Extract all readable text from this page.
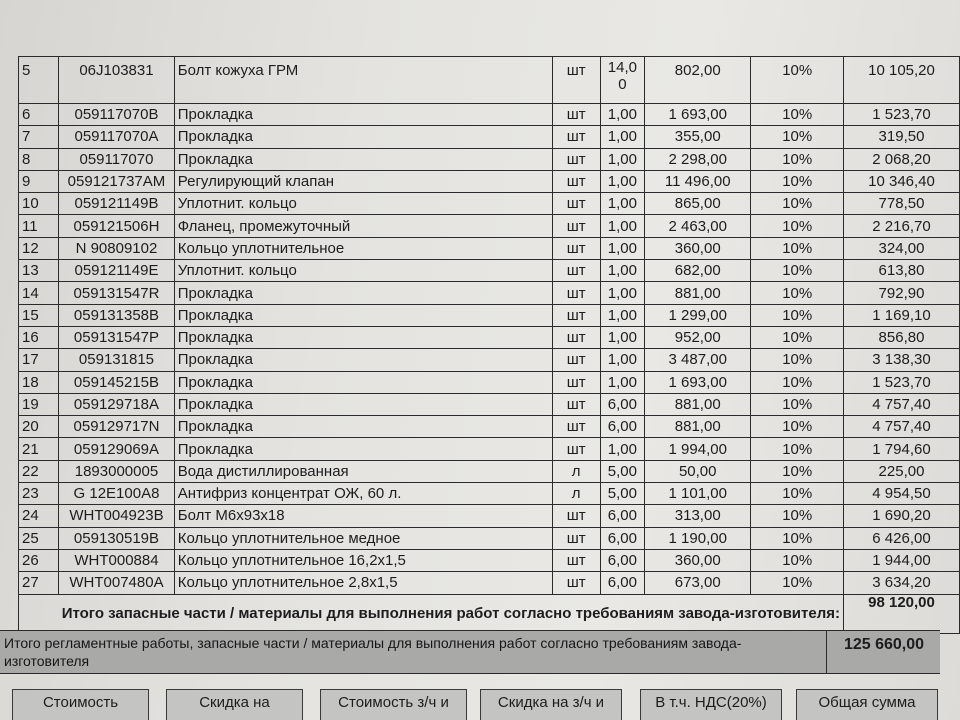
5	06J103831	Болт кожуха ГРМ	шт	14,00	802,00	10%	10 105,20
6	059117070B	Прокладка	шт	1,00	1 693,00	10%	1 523,70
7	059117070A	Прокладка	шт	1,00	355,00	10%	319,50
8	059117070	Прокладка	шт	1,00	2 298,00	10%	2 068,20
9	059121737AM	Регулирующий клапан	шт	1,00	11 496,00	10%	10 346,40
10	059121149B	Уплотнит. кольцо	шт	1,00	865,00	10%	778,50
11	059121506H	Фланец, промежуточный	шт	1,00	2 463,00	10%	2 216,70
12	N 90809102	Кольцо уплотнительное	шт	1,00	360,00	10%	324,00
13	059121149E	Уплотнит. кольцо	шт	1,00	682,00	10%	613,80
14	059131547R	Прокладка	шт	1,00	881,00	10%	792,90
15	059131358B	Прокладка	шт	1,00	1 299,00	10%	1 169,10
16	059131547P	Прокладка	шт	1,00	952,00	10%	856,80
17	059131815	Прокладка	шт	1,00	3 487,00	10%	3 138,30
18	059145215B	Прокладка	шт	1,00	1 693,00	10%	1 523,70
19	059129718A	Прокладка	шт	6,00	881,00	10%	4 757,40
20	059129717N	Прокладка	шт	6,00	881,00	10%	4 757,40
21	059129069A	Прокладка	шт	1,00	1 994,00	10%	1 794,60
22	1893000005	Вода дистиллированная	л	5,00	50,00	10%	225,00
23	G 12E100A8	Антифриз концентрат ОЖ, 60 л.	л	5,00	1 101,00	10%	4 954,50
24	WHT004923B	Болт М6х93х18	шт	6,00	313,00	10%	1 690,20
25	059130519B	Кольцо уплотнительное медное	шт	6,00	1 190,00	10%	6 426,00
26	WHT000884	Кольцо уплотнительное 16,2х1,5	шт	6,00	360,00	10%	1 944,00
27	WHT007480A	Кольцо уплотнительное 2,8х1,5	шт	6,00	673,00	10%	3 634,20
	Итого запасные части / материалы для выполнения работ согласно требованиям завода-изготовителя:						98 120,00
Итого регламентные работы, запасные части / материалы для выполнения работ согласно требованиям завода-изготовителя
125 660,00
Стоимость	Скидка на	Стоимость з/ч и	Скидка на з/ч и	В т.ч. НДС(20%)	Общая сумма
